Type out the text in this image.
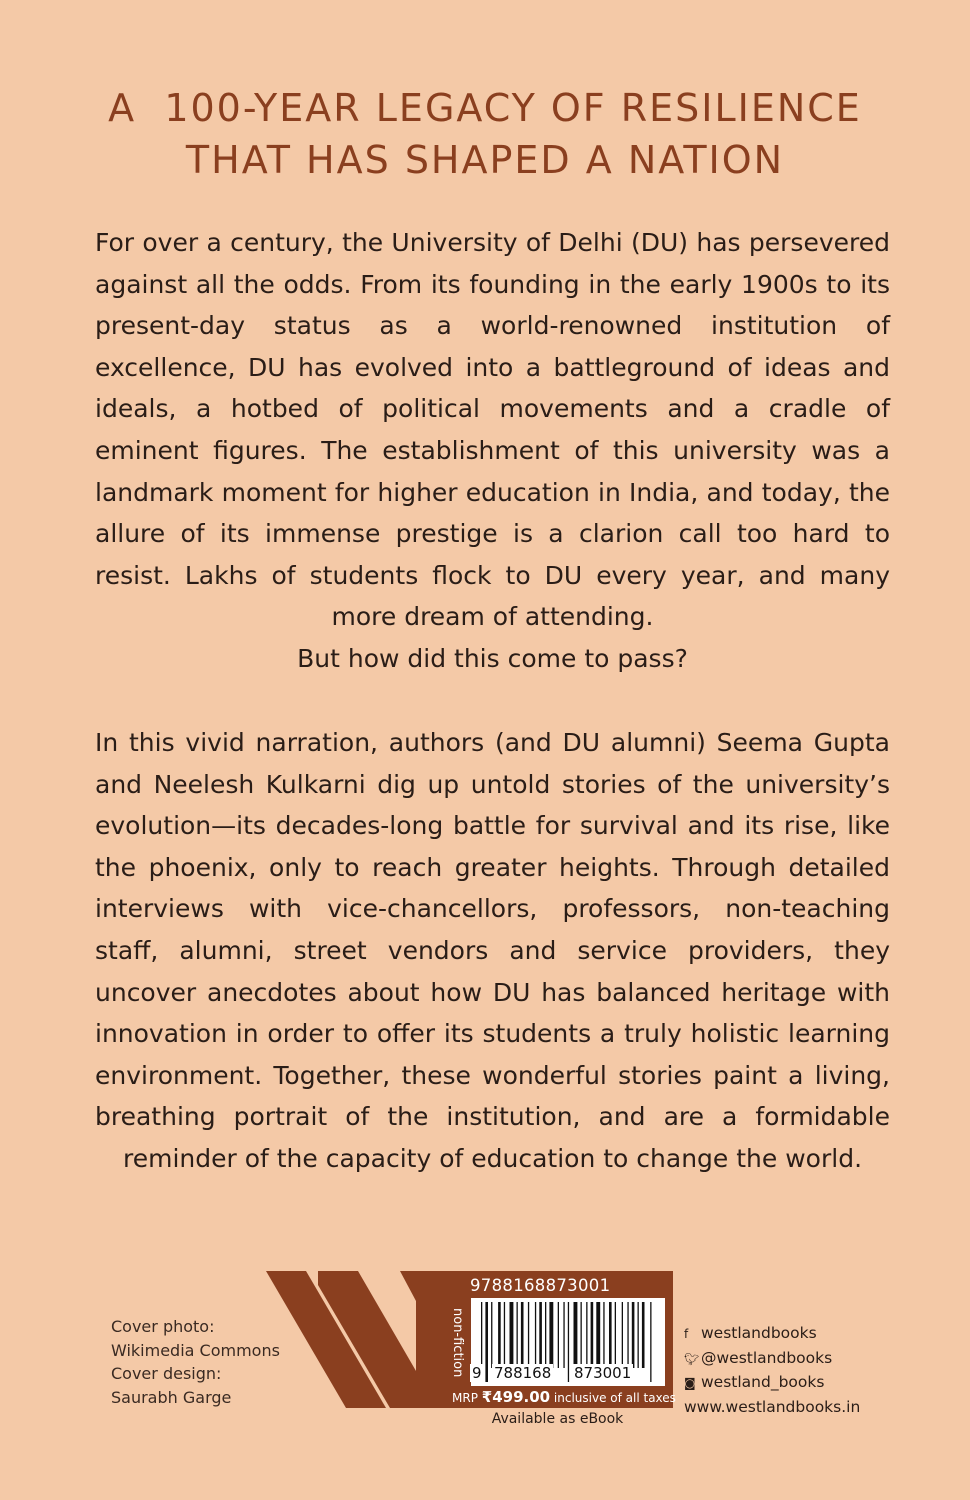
A  100-YEAR LEGACY OF RESILIENCE
THAT HAS SHAPED A NATION

For over a century, the University of Delhi (DU) has persevered against all the odds. From its founding in the early 1900s to its present-day status as a world-renowned institution of excellence, DU has evolved into a battleground of ideas and ideals, a hotbed of political movements and a cradle of eminent figures. The establishment of this university was a landmark moment for higher education in India, and today, the allure of its immense prestige is a clarion call too hard to resist. Lakhs of students flock to DU every year, and many more dream of attending.

But how did this come to pass?

In this vivid narration, authors (and DU alumni) Seema Gupta and Neelesh Kulkarni dig up untold stories of the university’s evolution—its decades-long battle for survival and its rise, like the phoenix, only to reach greater heights. Through detailed interviews with vice-chancellors, professors, non-teaching staff, alumni, street vendors and service providers, they uncover anecdotes about how DU has balanced heritage with innovation in order to offer its students a truly holistic learning environment. Together, these wonderful stories paint a living, breathing portrait of the institution, and are a formidable reminder of the capacity of education to change the world.

Cover photo:
Wikimedia Commons
Cover design:
Saurabh Garge
9788168873001
non-fiction 9 788168 873001
MRP ₹499.00 inclusive of all taxes
Available as eBook
f westlandbooks
🐦︎ @westlandbooks
◙ westland_books
www.westlandbooks.in
